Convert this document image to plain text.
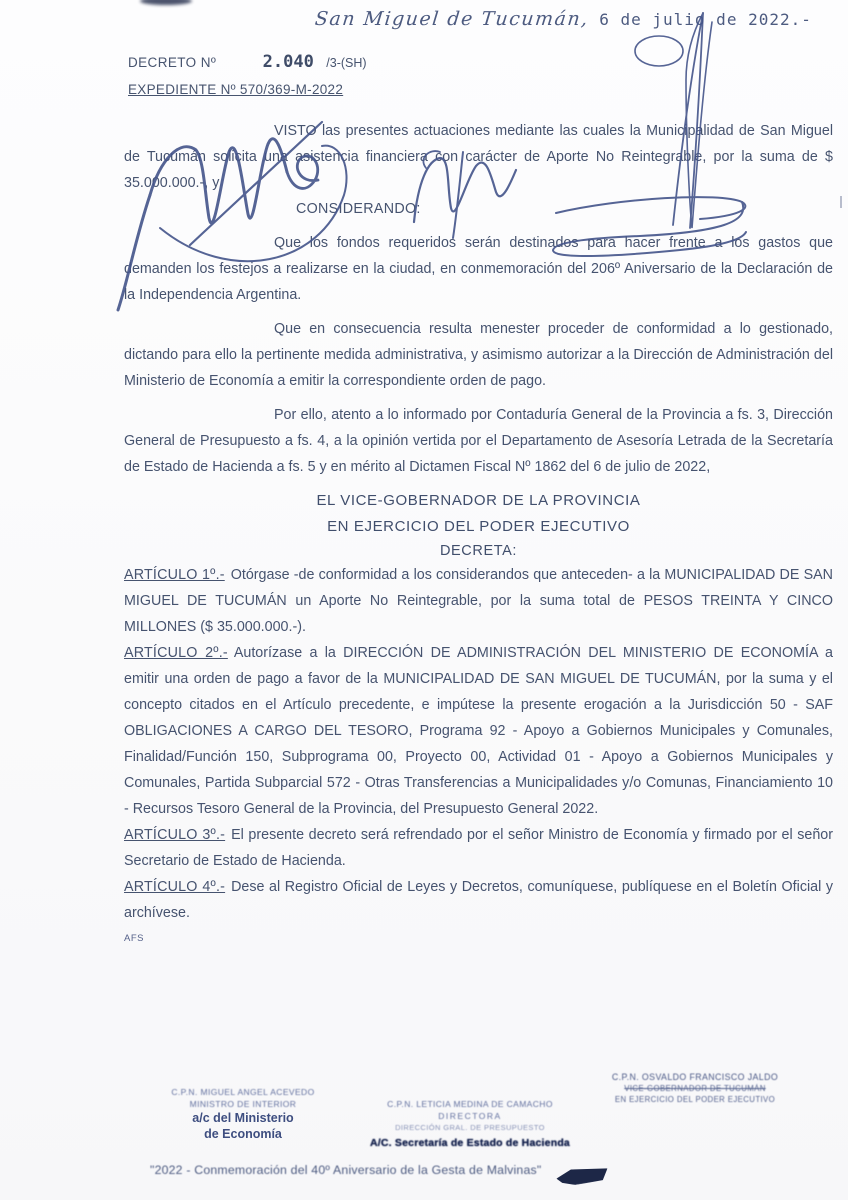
San Miguel de Tucumán, 6 de julio de 2022.-
DECRETO Nº	2.040 /3-(SH)
EXPEDIENTE Nº 570/369-M-2022

VISTO las presentes actuaciones mediante las cuales la Municipalidad de San Miguel de Tucumán solicita una asistencia financiera con carácter de Aporte No Reintegrable, por la suma de $ 35.000.000.-, y

CONSIDERANDO:

Que los fondos requeridos serán destinados para hacer frente a los gastos que demanden los festejos a realizarse en la ciudad, en conmemoración del 206º Aniversario de la Declaración de la Independencia Argentina.

Que en consecuencia resulta menester proceder de conformidad a lo gestionado, dictando para ello la pertinente medida administrativa, y asimismo autorizar a la Dirección de Administración del Ministerio de Economía a emitir la correspondiente orden de pago.

Por ello, atento a lo informado por Contaduría General de la Provincia a fs. 3, Dirección General de Presupuesto a fs. 4, a la opinión vertida por el Departamento de Asesoría Letrada de la Secretaría de Estado de Hacienda a fs. 5 y en mérito al Dictamen Fiscal Nº 1862 del 6 de julio de 2022,

EL VICE-GOBERNADOR DE LA PROVINCIA

EN EJERCICIO DEL PODER EJECUTIVO

DECRETA:

ARTÍCULO 1º.- Otórgase -de conformidad a los considerandos que anteceden- a la MUNICIPALIDAD DE SAN MIGUEL DE TUCUMÁN un Aporte No Reintegrable, por la suma total de PESOS TREINTA Y CINCO MILLONES ($ 35.000.000.-).

ARTÍCULO 2º.- Autorízase a la DIRECCIÓN DE ADMINISTRACIÓN DEL MINISTERIO DE ECONOMÍA a emitir una orden de pago a favor de la MUNICIPALIDAD DE SAN MIGUEL DE TUCUMÁN, por la suma y el concepto citados en el Artículo precedente, e impútese la presente erogación a la Jurisdicción 50 - SAF OBLIGACIONES A CARGO DEL TESORO, Programa 92 - Apoyo a Gobiernos Municipales y Comunales, Finalidad/Función 150, Subprograma 00, Proyecto 00, Actividad 01 - Apoyo a Gobiernos Municipales y Comunales, Partida Subparcial 572 - Otras Transferencias a Municipalidades y/o Comunas, Financiamiento 10 - Recursos Tesoro General de la Provincia, del Presupuesto General 2022.

ARTÍCULO 3º.- El presente decreto será refrendado por el señor Ministro de Economía y firmado por el señor Secretario de Estado de Hacienda.

ARTÍCULO 4º.- Dese al Registro Oficial de Leyes y Decretos, comuníquese, publíquese en el Boletín Oficial y archívese.

AFS

C.P.N. MIGUEL ANGEL ACEVEDO
MINISTRO DE INTERIOR
a/c del Ministerio
de Economía
C.P.N. LETICIA MEDINA DE CAMACHO
DIRECTORA
DIRECCIÓN GRAL. DE PRESUPUESTO
A/C. Secretaría de Estado de Hacienda
C.P.N. OSVALDO FRANCISCO JALDO
VICE-GOBERNADOR DE TUCUMÁN
EN EJERCICIO DEL PODER EJECUTIVO
"2022 - Conmemoración del 40º Aniversario de la Gesta de Malvinas"
